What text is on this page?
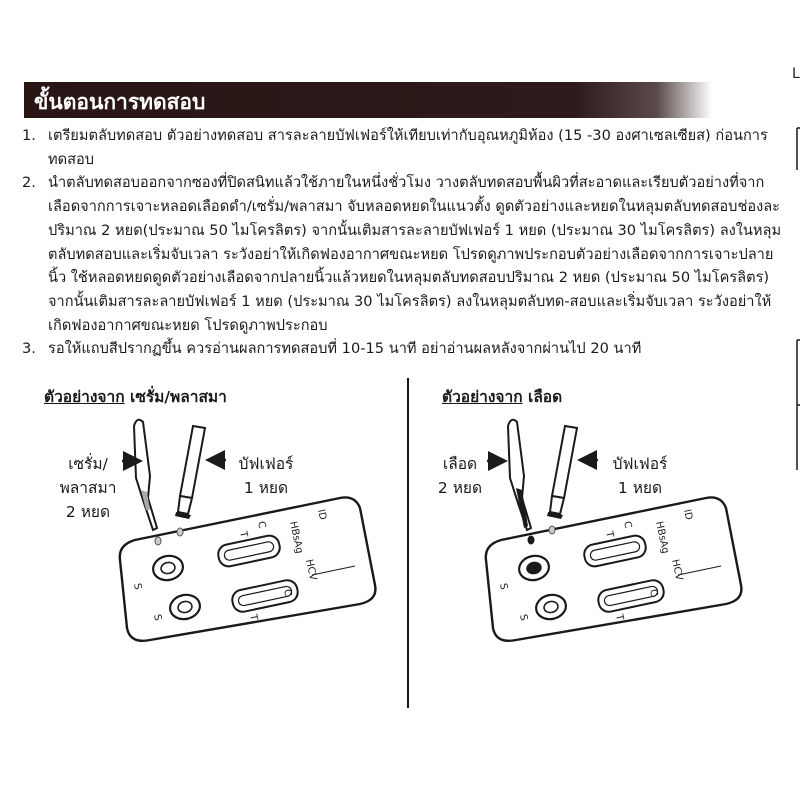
ขั้นตอนการทดสอบ
L
1. เตรียมตลับทดสอบ ตัวอย่างทดสอบ สารละลายบัฟเฟอร์ให้เทียบเท่ากับอุณหภูมิห้อง (15 -30 องศาเซลเซียส) ก่อนการทดสอบ
2. นำตลับทดสอบออกจากซองที่ปิดสนิทแล้วใช้ภายในหนึ่งชั่วโมง วางตลับทดสอบพื้นผิวที่สะอาดและเรียบตัวอย่างที่จากเลือดจากการเจาะหลอดเลือดดำ/เซรั่ม/พลาสมา จับหลอดหยดในแนวตั้ง ดูดตัวอย่างและหยดในหลุมตลับทดสอบช่องละปริมาณ 2 หยด(ประมาณ 50 ไมโครลิตร) จากนั้นเติมสารละลายบัฟเฟอร์ 1 หยด (ประมาณ 30 ไมโครลิตร) ลงในหลุมตลับทดสอบและเริ่มจับเวลา ระวังอย่าให้เกิดฟองอากาศขณะหยด โปรดดูภาพประกอบตัวอย่างเลือดจากการเจาะปลายนิ้ว ใช้หลอดหยดดูดตัวอย่างเลือดจากปลายนิ้วแล้วหยดในหลุมตลับทดสอบปริมาณ 2 หยด (ประมาณ 50 ไมโครลิตร) จากนั้นเติมสารละลายบัฟเฟอร์ 1 หยด (ประมาณ 30 ไมโครลิตร) ลงในหลุมตลับทด-สอบและเริ่มจับเวลา ระวังอย่าให้เกิดฟองอากาศขณะหยด โปรดดูภาพประกอบ
3. รอให้แถบสีปรากฏขึ้น ควรอ่านผลการทดสอบที่ 10-15 นาที อย่าอ่านผลหลังจากผ่านไป 20 นาที
ตัวอย่างจาก เซรั่ม/พลาสมา	ตัวอย่างจาก เลือด
เซรั่ม/
พลาสมา
2 หยด
บัฟเฟอร์
1 หยด
เลือด
2 หยด
บัฟเฟอร์
1 หยด
S
S
T
C
T
C
HBsAg
HCV
ID
S
S
T
C
T
C
HBsAg
HCV
ID
